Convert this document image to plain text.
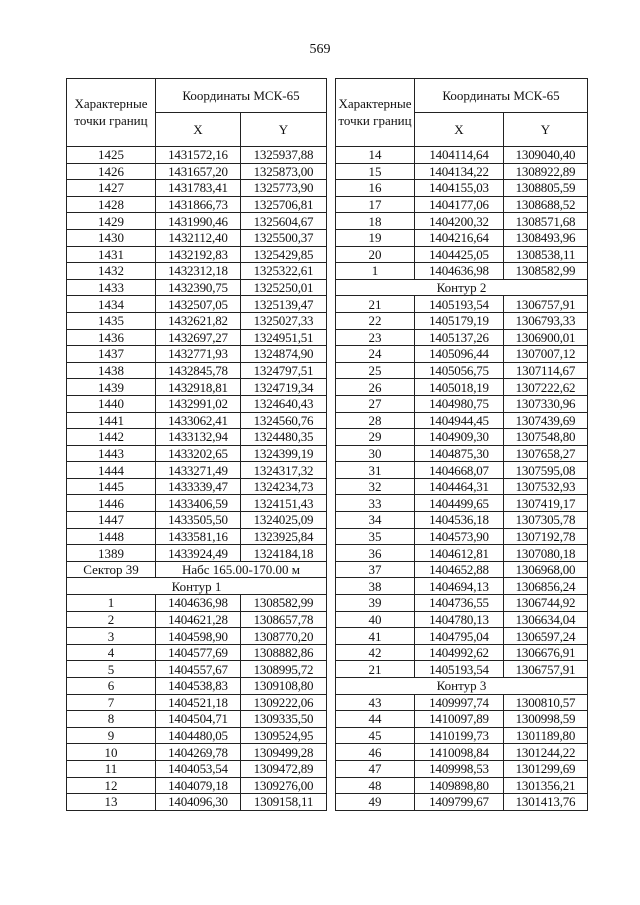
569
Характерные точки границ	Координаты МСК-65	
	X	Y
1425	1431572,16	1325937,88
1426	1431657,20	1325873,00
1427	1431783,41	1325773,90
1428	1431866,73	1325706,81
1429	1431990,46	1325604,67
1430	1432112,40	1325500,37
1431	1432192,83	1325429,85
1432	1432312,18	1325322,61
1433	1432390,75	1325250,01
1434	1432507,05	1325139,47
1435	1432621,82	1325027,33
1436	1432697,27	1324951,51
1437	1432771,93	1324874,90
1438	1432845,78	1324797,51
1439	1432918,81	1324719,34
1440	1432991,02	1324640,43
1441	1433062,41	1324560,76
1442	1433132,94	1324480,35
1443	1433202,65	1324399,19
1444	1433271,49	1324317,32
1445	1433339,47	1324234,73
1446	1433406,59	1324151,43
1447	1433505,50	1324025,09
1448	1433581,16	1323925,84
1389	1433924,49	1324184,18
Сектор 39	Набс 165.00-170.00 м	
Контур 1		
1	1404636,98	1308582,99
2	1404621,28	1308657,78
3	1404598,90	1308770,20
4	1404577,69	1308882,86
5	1404557,67	1308995,72
6	1404538,83	1309108,80
7	1404521,18	1309222,06
8	1404504,71	1309335,50
9	1404480,05	1309524,95
10	1404269,78	1309499,28
11	1404053,54	1309472,89
12	1404079,18	1309276,00
13	1404096,30	1309158,11
Характерные точки границ	Координаты МСК-65	
	X	Y
14	1404114,64	1309040,40
15	1404134,22	1308922,89
16	1404155,03	1308805,59
17	1404177,06	1308688,52
18	1404200,32	1308571,68
19	1404216,64	1308493,96
20	1404425,05	1308538,11
1	1404636,98	1308582,99
Контур 2		
21	1405193,54	1306757,91
22	1405179,19	1306793,33
23	1405137,26	1306900,01
24	1405096,44	1307007,12
25	1405056,75	1307114,67
26	1405018,19	1307222,62
27	1404980,75	1307330,96
28	1404944,45	1307439,69
29	1404909,30	1307548,80
30	1404875,30	1307658,27
31	1404668,07	1307595,08
32	1404464,31	1307532,93
33	1404499,65	1307419,17
34	1404536,18	1307305,78
35	1404573,90	1307192,78
36	1404612,81	1307080,18
37	1404652,88	1306968,00
38	1404694,13	1306856,24
39	1404736,55	1306744,92
40	1404780,13	1306634,04
41	1404795,04	1306597,24
42	1404992,62	1306676,91
21	1405193,54	1306757,91
Контур 3		
43	1409997,74	1300810,57
44	1410097,89	1300998,59
45	1410199,73	1301189,80
46	1410098,84	1301244,22
47	1409998,53	1301299,69
48	1409898,80	1301356,21
49	1409799,67	1301413,76
